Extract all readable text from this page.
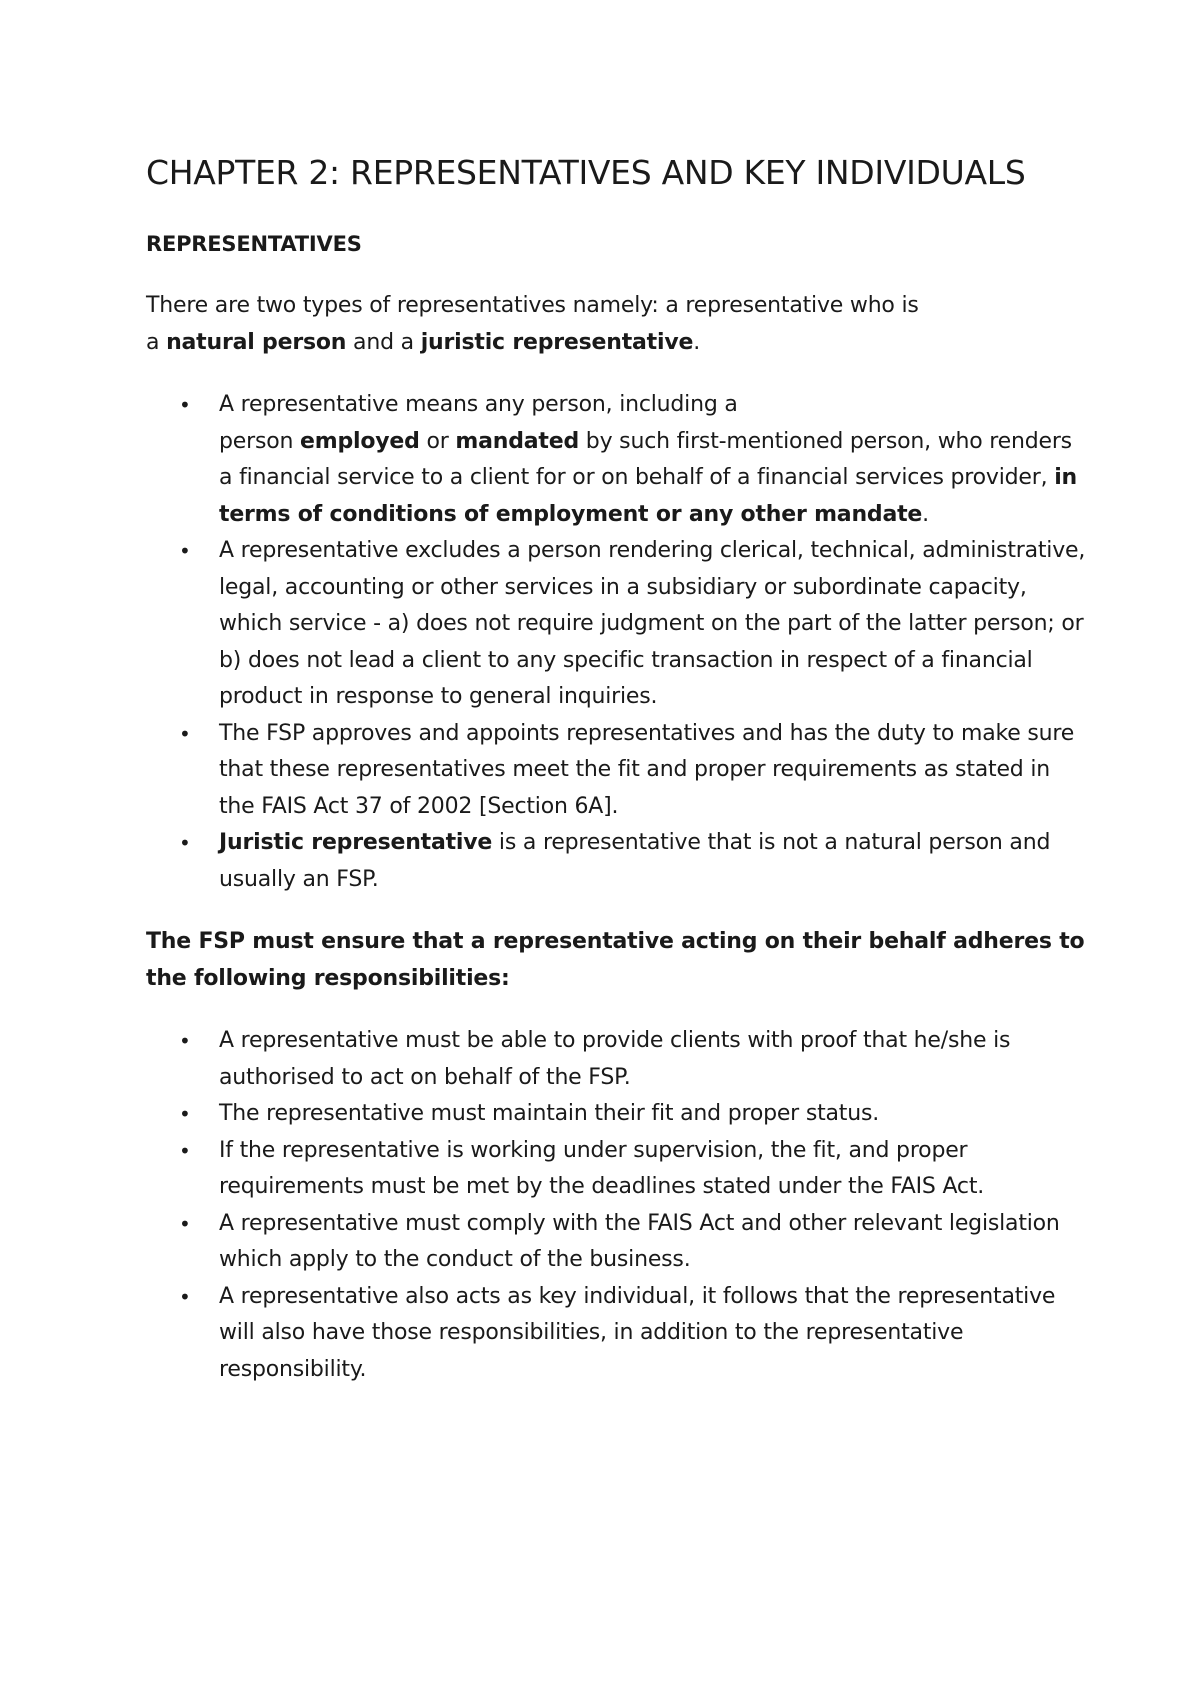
CHAPTER 2: REPRESENTATIVES AND KEY INDIVIDUALS
REPRESENTATIVES

There are two types of representatives namely: a representative who is
a natural person and a juristic representative.

• A representative means any person, including a
person employed or mandated by such first-mentioned person, who renders a financial service to a client for or on behalf of a financial services provider, in terms of conditions of employment or any other mandate.
• A representative excludes a person rendering clerical, technical, administrative, legal, accounting or other services in a subsidiary or subordinate capacity, which service - a) does not require judgment on the part of the latter person; or b) does not lead a client to any specific transaction in respect of a financial product in response to general inquiries.
• The FSP approves and appoints representatives and has the duty to make sure that these representatives meet the fit and proper requirements as stated in the FAIS Act 37 of 2002 [Section 6A].
• Juristic representative is a representative that is not a natural person and usually an FSP.

The FSP must ensure that a representative acting on their behalf adheres to the following responsibilities:

• A representative must be able to provide clients with proof that he/she is authorised to act on behalf of the FSP.
• The representative must maintain their fit and proper status.
• If the representative is working under supervision, the fit, and proper requirements must be met by the deadlines stated under the FAIS Act.
• A representative must comply with the FAIS Act and other relevant legislation which apply to the conduct of the business.
• A representative also acts as key individual, it follows that the representative will also have those responsibilities, in addition to the representative responsibility.
